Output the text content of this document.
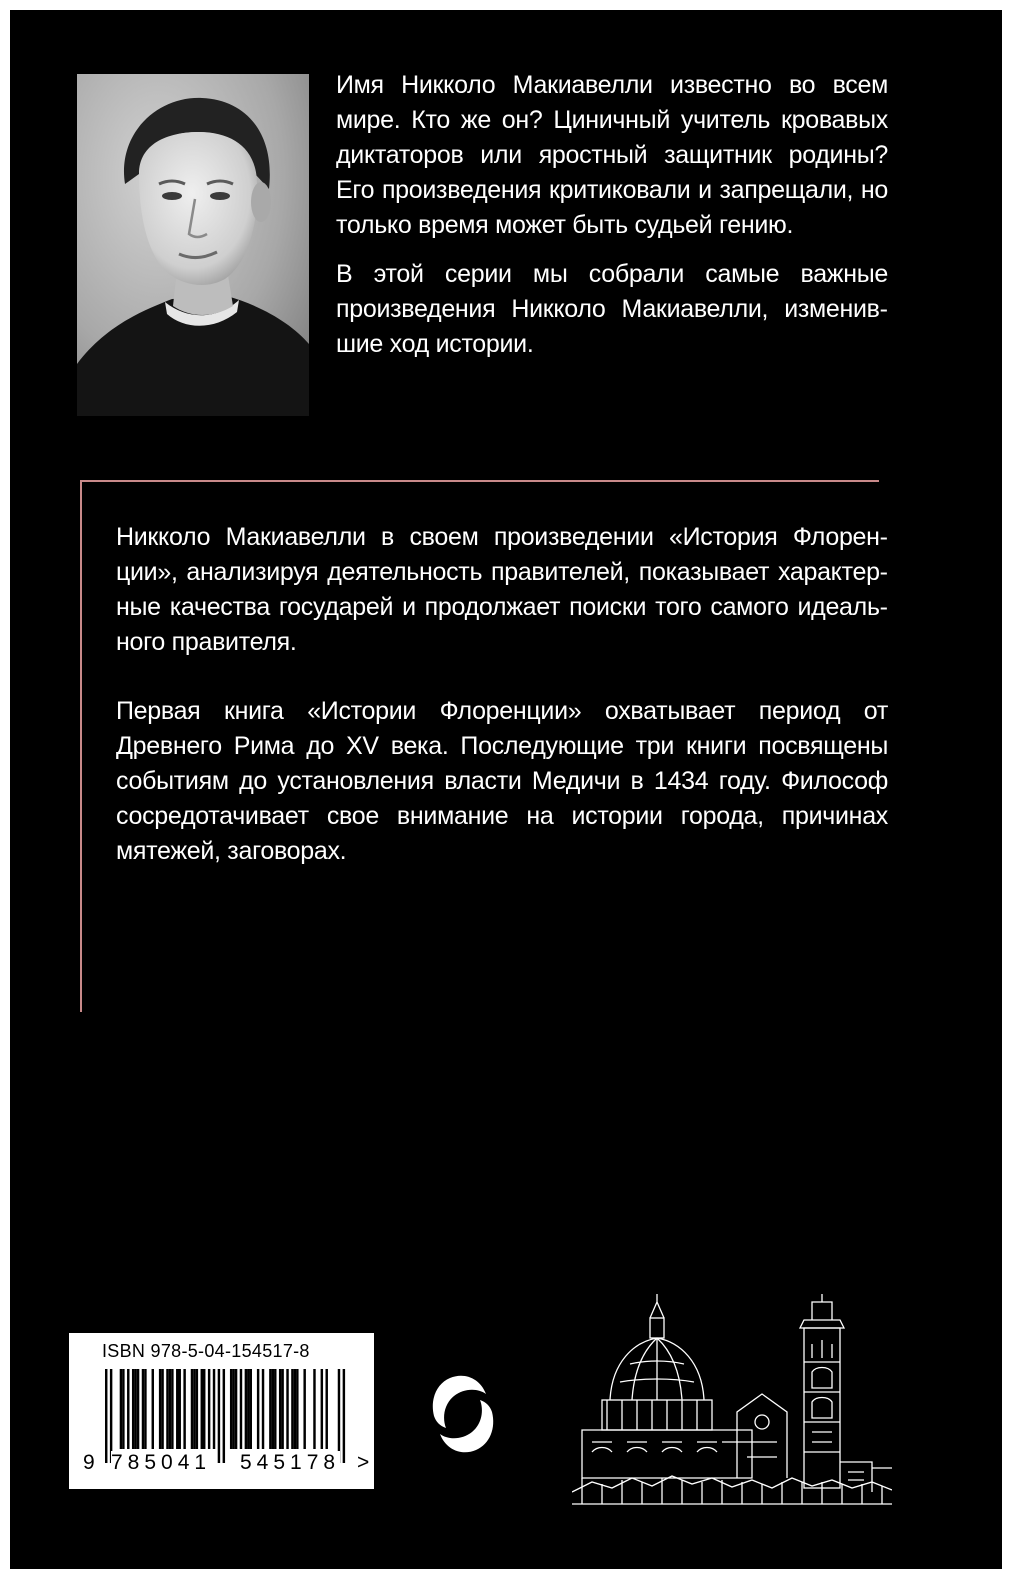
Имя Никколо Макиавелли известно во всем мире. Кто же он? Циничный учитель кровавых диктаторов или яростный защитник родины? Его произведения критиковали и запрещали, но только время может быть судьей гению.

В этой серии мы собрали самые важные произведения Никколо Макиавелли, изменившие ход истории.

Никколо Макиавелли в своем произведении «История Флоренции», анализируя деятельность правителей, показывает характерные качества государей и продолжает поиски того самого идеального правителя.

Первая книга «Истории Флоренции» охватывает период от Древнего Рима до XV века. Последующие три книги посвящены событиям до установления власти Медичи в 1434 году. Философ сосредотачивает свое внимание на истории города, причинах мятежей, заговорах.

ISBN 978-5-04-154517-8
9 785041 545178 >
